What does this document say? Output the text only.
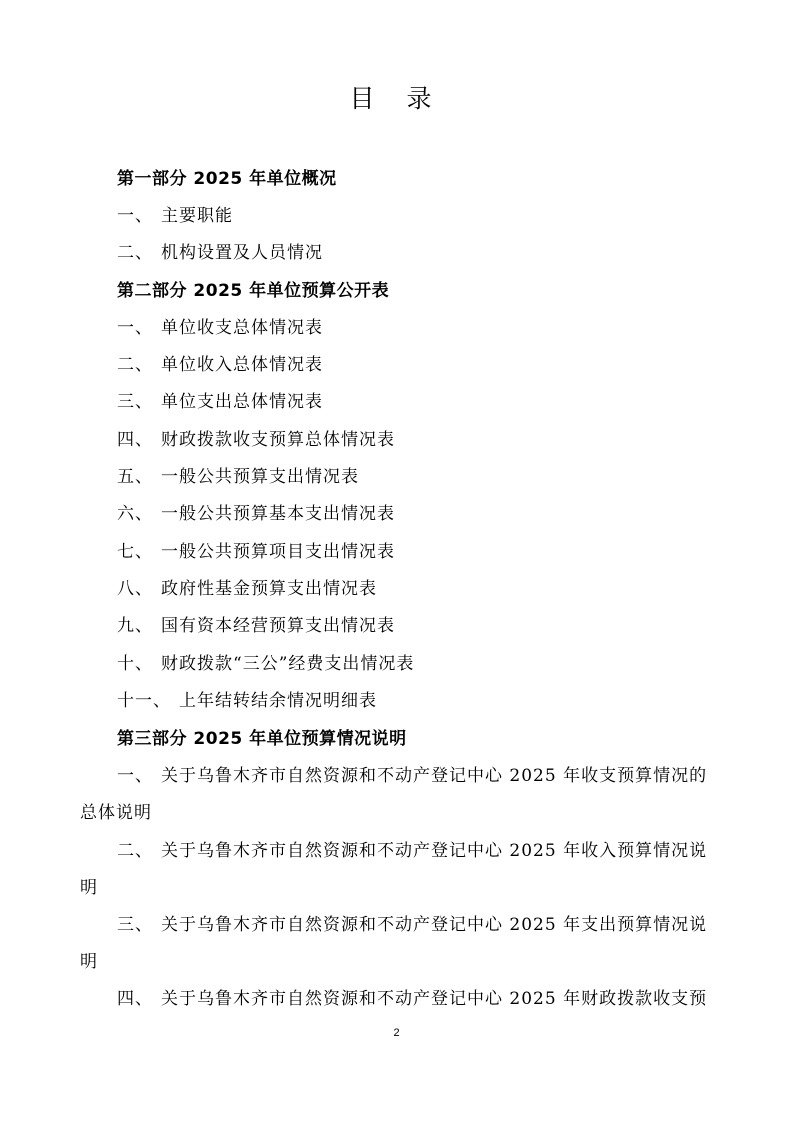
目 录
第一部分 2025 年单位概况
一、 主要职能
二、 机构设置及人员情况
第二部分 2025 年单位预算公开表
一、 单位收支总体情况表
二、 单位收入总体情况表
三、 单位支出总体情况表
四、 财政拨款收支预算总体情况表
五、 一般公共预算支出情况表
六、 一般公共预算基本支出情况表
七、 一般公共预算项目支出情况表
八、 政府性基金预算支出情况表
九、 国有资本经营预算支出情况表
十、 财政拨款“三公”经费支出情况表
十一、 上年结转结余情况明细表
第三部分 2025 年单位预算情况说明
一、 关于乌鲁木齐市自然资源和不动产登记中心 2025 年收支预算情况的
总体说明
二、 关于乌鲁木齐市自然资源和不动产登记中心 2025 年收入预算情况说
明
三、 关于乌鲁木齐市自然资源和不动产登记中心 2025 年支出预算情况说
明
四、 关于乌鲁木齐市自然资源和不动产登记中心 2025 年财政拨款收支预
2
